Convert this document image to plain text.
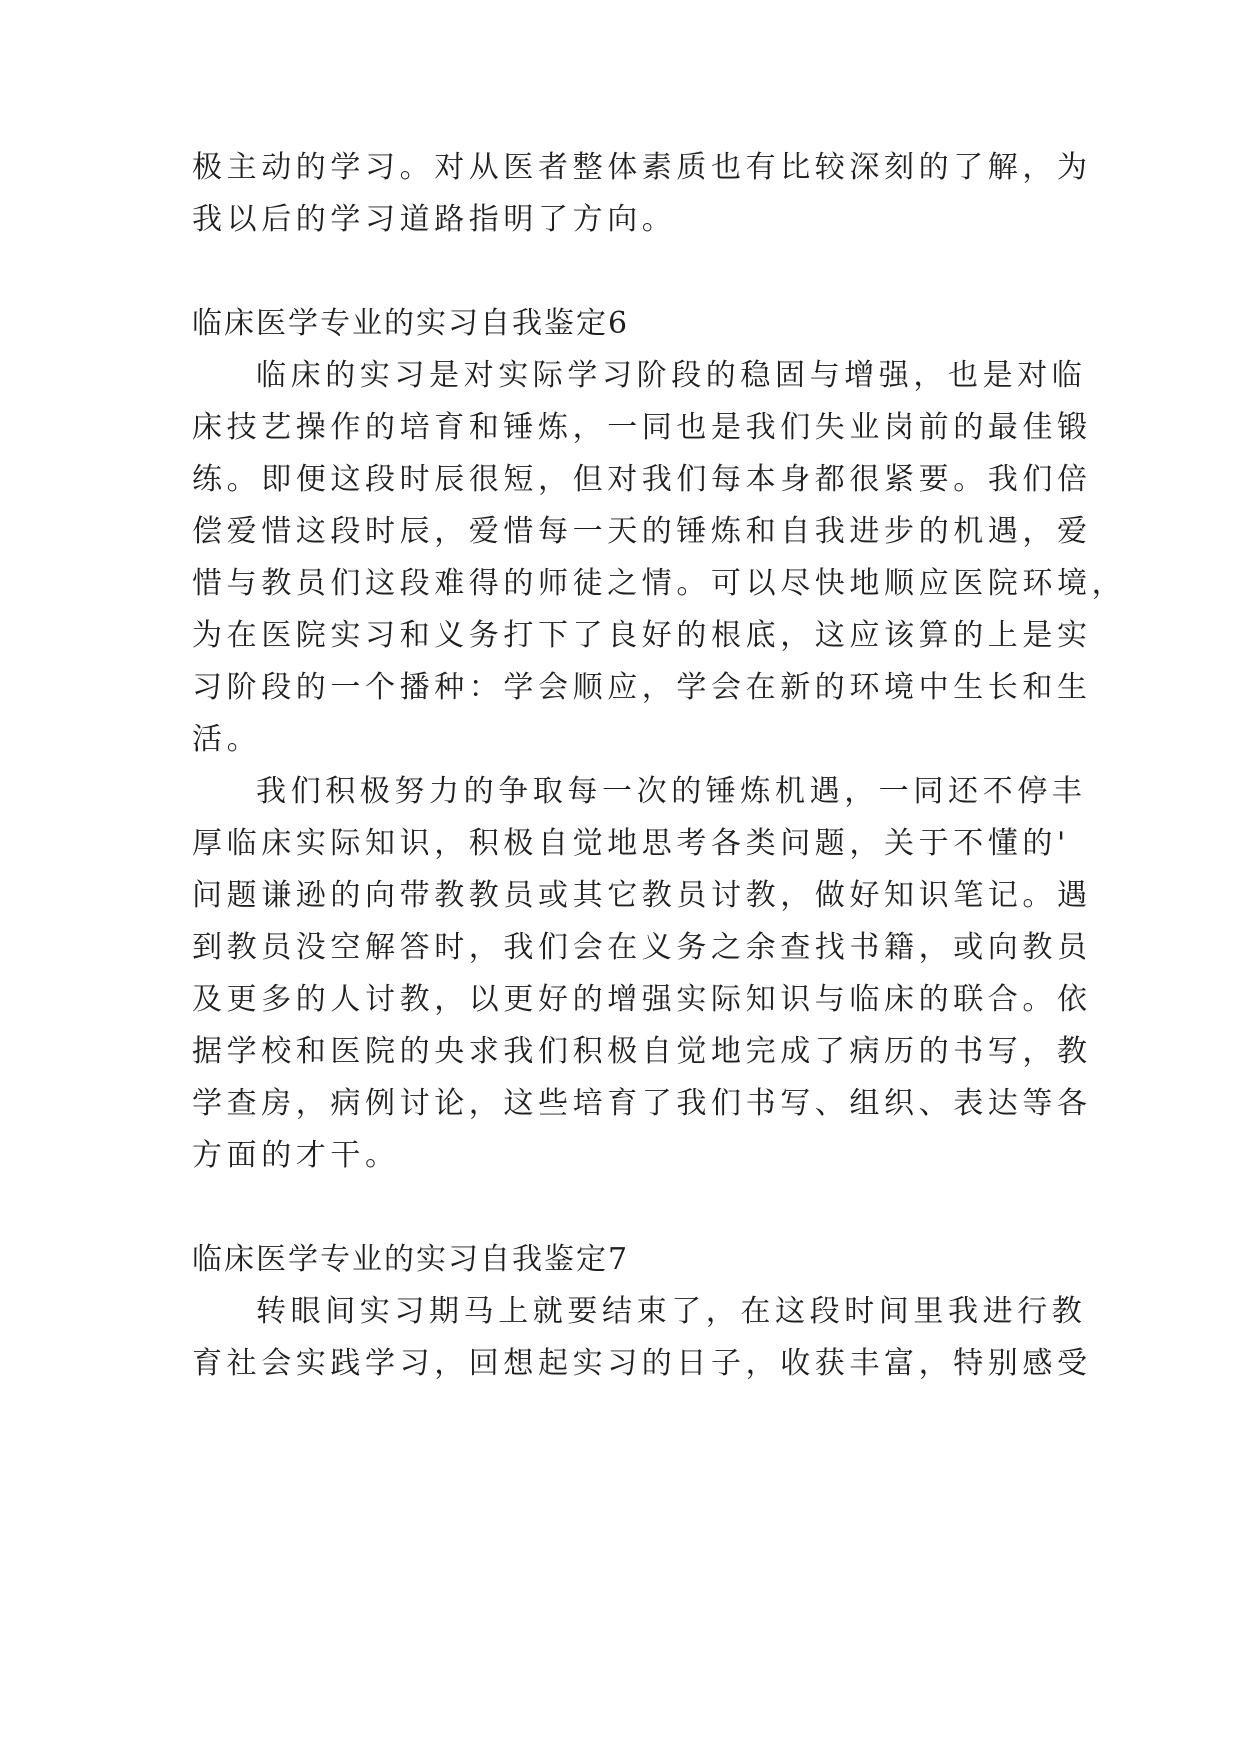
极主动的学习。对从医者整体素质也有比较深刻的了解，为
我以后的学习道路指明了方向。
临床医学专业的实习自我鉴定6
临床的实习是对实际学习阶段的稳固与增强，也是对临
床技艺操作的培育和锤炼，一同也是我们失业岗前的最佳锻
练。即便这段时辰很短，但对我们每本身都很紧要。我们倍
偿爱惜这段时辰，爱惜每一天的锤炼和自我进步的机遇，爱
惜与教员们这段难得的师徒之情。可以尽快地顺应医院环境，
为在医院实习和义务打下了良好的根底，这应该算的上是实
习阶段的一个播种：学会顺应，学会在新的环境中生长和生
活。
我们积极努力的争取每一次的锤炼机遇，一同还不停丰
厚临床实际知识，积极自觉地思考各类问题，关于不懂的'
问题谦逊的向带教教员或其它教员讨教，做好知识笔记。遇
到教员没空解答时，我们会在义务之余查找书籍，或向教员
及更多的人讨教，以更好的增强实际知识与临床的联合。依
据学校和医院的央求我们积极自觉地完成了病历的书写，教
学查房，病例讨论，这些培育了我们书写、组织、表达等各
方面的才干。
临床医学专业的实习自我鉴定7
转眼间实习期马上就要结束了，在这段时间里我进行教
育社会实践学习，回想起实习的日子，收获丰富，特别感受
